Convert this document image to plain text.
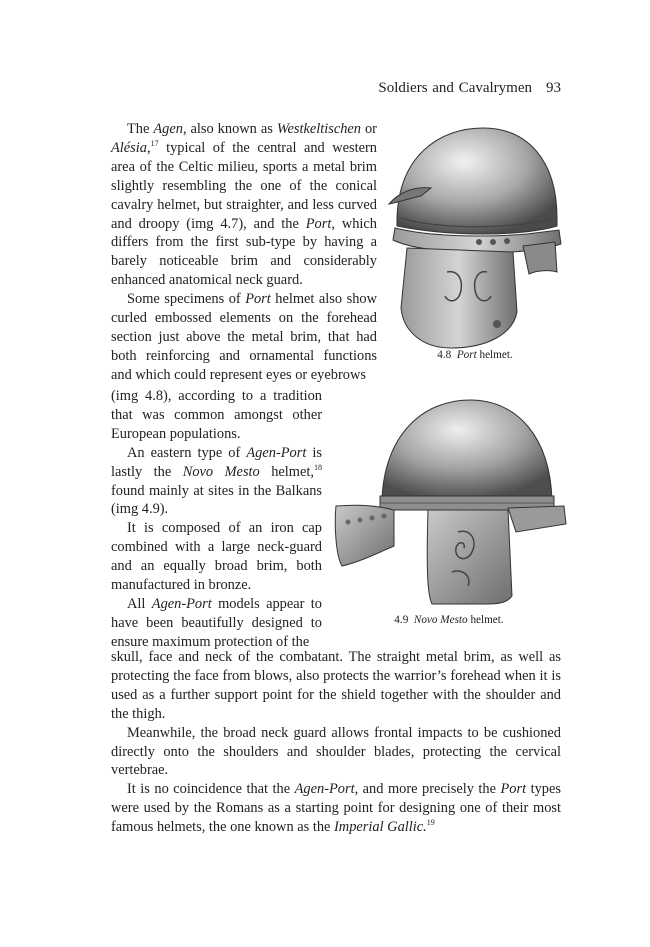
Soldiers and Cavalrymen 93
4.8 Port helmet.
4.9 Novo Mesto helmet.

The Agen, also known as Westkeltischen or Alésia,$^{17}$ typical of the central and western area of the Celtic milieu, sports a metal brim slightly resembling the one of the conical cavalry helmet, but straighter, and less curved and droopy (img 4.7), and the Port, which differs from the first sub-type by having a barely noticeable brim and considerably enhanced anatomical neck guard.

Some specimens of Port helmet also show curled embossed elements on the forehead section just above the metal brim, that had both reinforcing and ornamental functions and which could represent eyes or eyebrows

(img 4.8), according to a tradition that was common amongst other European populations.

An eastern type of Agen-Port is lastly the Novo Mesto helmet,$^{18}$ found mainly at sites in the Balkans (img 4.9).

It is composed of an iron cap combined with a large neck-guard and an equally broad brim, both manufactured in bronze.

All Agen-Port models appear to have been beautifully designed to ensure maximum protection of the

skull, face and neck of the combatant. The straight metal brim, as well as protecting the face from blows, also protects the warrior’s forehead when it is used as a further support point for the shield together with the shoulder and the thigh.

Meanwhile, the broad neck guard allows frontal impacts to be cushioned directly onto the shoulders and shoulder blades, protecting the cervical vertebrae.

It is no coincidence that the Agen-Port, and more precisely the Port types were used by the Romans as a starting point for designing one of their most famous helmets, the one known as the Imperial Gallic.$^{19}$
